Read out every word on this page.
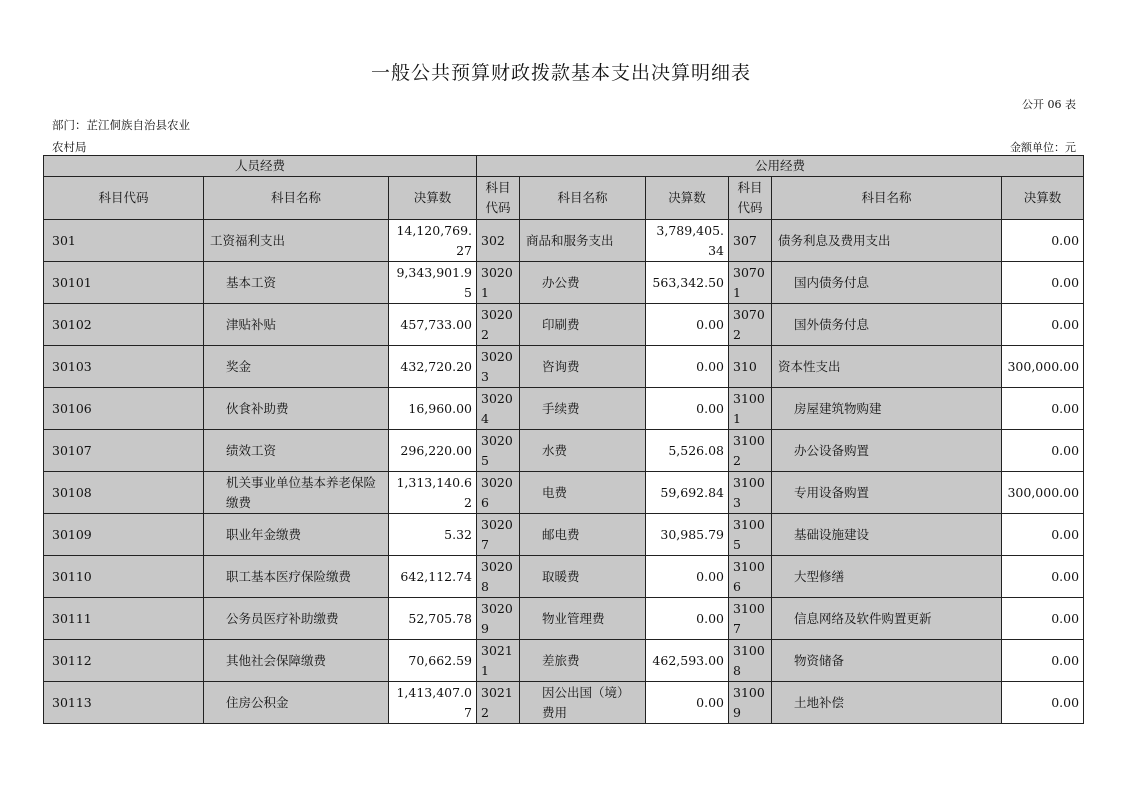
一般公共预算财政拨款基本支出决算明细表
公开 06 表
部门：芷江侗族自治县农业
农村局	金额单位：元
人员经费			公用经费					
科目代码	科目名称	决算数	科目代码	科目名称	决算数	科目代码	科目名称	决算数
301	工资福利支出	14,120,769.27	302	商品和服务支出	3,789,405.34	307	债务利息及费用支出	0.00
30101	基本工资	9,343,901.95	30201	办公费	563,342.50	30701	国内债务付息	0.00
30102	津贴补贴	457,733.00	30202	印刷费	0.00	30702	国外债务付息	0.00
30103	奖金	432,720.20	30203	咨询费	0.00	310	资本性支出	300,000.00
30106	伙食补助费	16,960.00	30204	手续费	0.00	31001	房屋建筑物购建	0.00
30107	绩效工资	296,220.00	30205	水费	5,526.08	31002	办公设备购置	0.00
30108	机关事业单位基本养老保险缴费	1,313,140.62	30206	电费	59,692.84	31003	专用设备购置	300,000.00
30109	职业年金缴费	5.32	30207	邮电费	30,985.79	31005	基础设施建设	0.00
30110	职工基本医疗保险缴费	642,112.74	30208	取暖费	0.00	31006	大型修缮	0.00
30111	公务员医疗补助缴费	52,705.78	30209	物业管理费	0.00	31007	信息网络及软件购置更新	0.00
30112	其他社会保障缴费	70,662.59	30211	差旅费	462,593.00	31008	物资储备	0.00
30113	住房公积金	1,413,407.07	30212	因公出国（境）费用	0.00	31009	土地补偿	0.00
